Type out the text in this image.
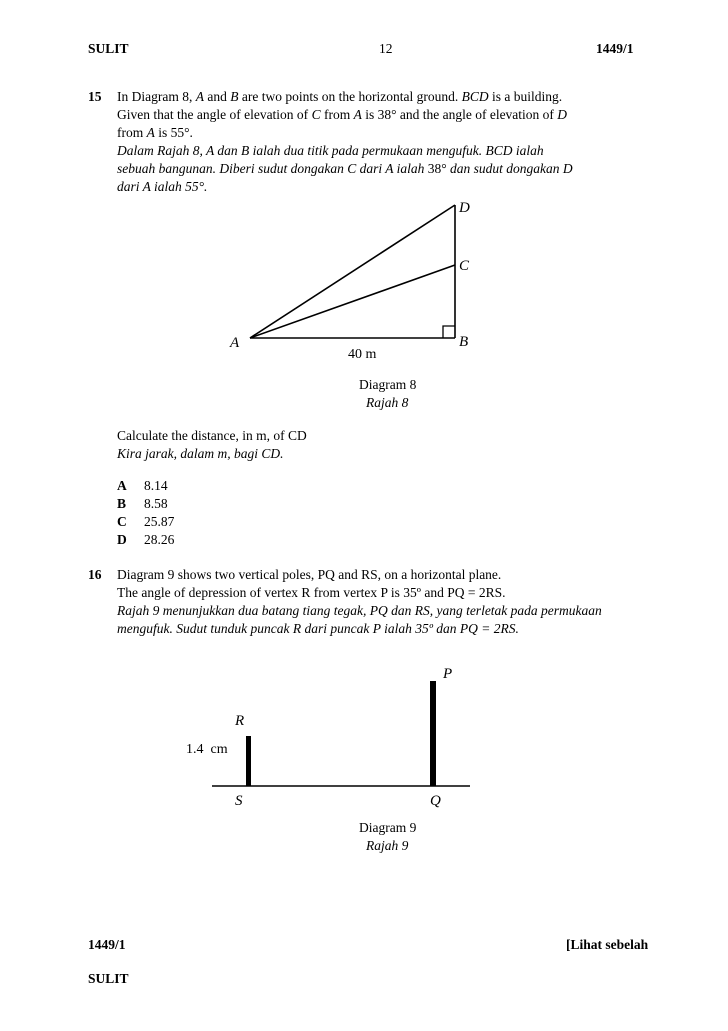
SULIT	12	1449/1
15 In Diagram 8, A and B are two points on the horizontal ground. BCD is a building.
Given that the angle of elevation of C from A is 38° and the angle of elevation of D
from A is 55°.
Dalam Rajah 8, A dan B ialah dua titik pada permukaan mengufuk. BCD ialah
sebuah bangunan. Diberi sudut dongakan C dari A ialah 38° dan sudut dongakan D
dari A ialah 55°.
A	B
C
D
40 m
P
Q
R
S
1.4  cm
Diagram 8
Rajah 8
Calculate the distance, in m, of CD
Kira jarak, dalam m, bagi CD.
A 8.14
B 8.58
C 25.87
D 28.26
16 Diagram 9 shows two vertical poles, PQ and RS, on a horizontal plane.
The angle of depression of vertex R from vertex P is 35º and PQ = 2RS.
Rajah 9 menunjukkan dua batang tiang tegak, PQ dan RS, yang terletak pada permukaan
mengufuk. Sudut tunduk puncak R dari puncak P ialah 35º dan PQ = 2RS.
Diagram 9
Rajah 9
1449/1	[Lihat sebelah
SULIT
